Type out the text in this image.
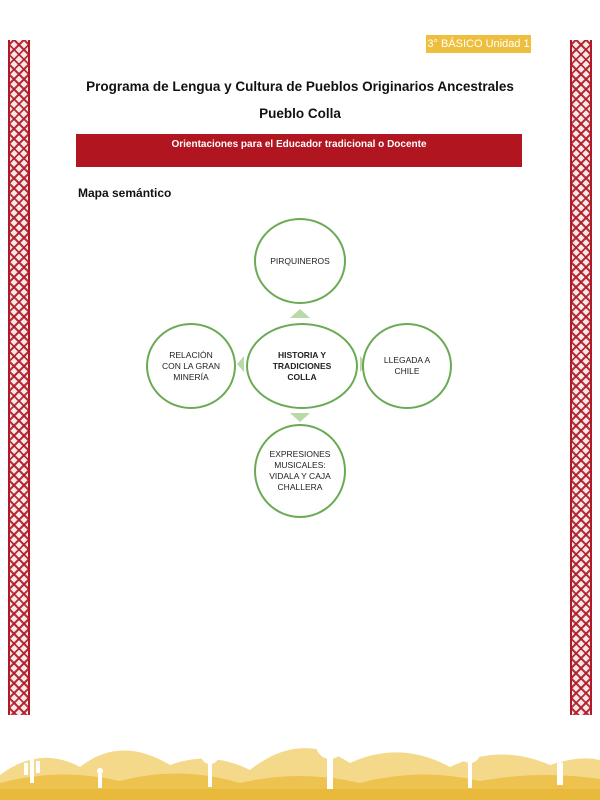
3° BÁSICO Unidad 1
Programa de Lengua y Cultura de Pueblos Originarios Ancestrales
Pueblo Colla
Orientaciones para el Educador tradicional o Docente
Mapa semántico
PIRQUINEROS
RELACIÓN
CON LA GRAN
MINERÍA
HISTORIA Y
TRADICIONES
COLLA
LLEGADA A
CHILE
EXPRESIONES
MUSICALES:
VIDALA Y CAJA
CHALLERA
